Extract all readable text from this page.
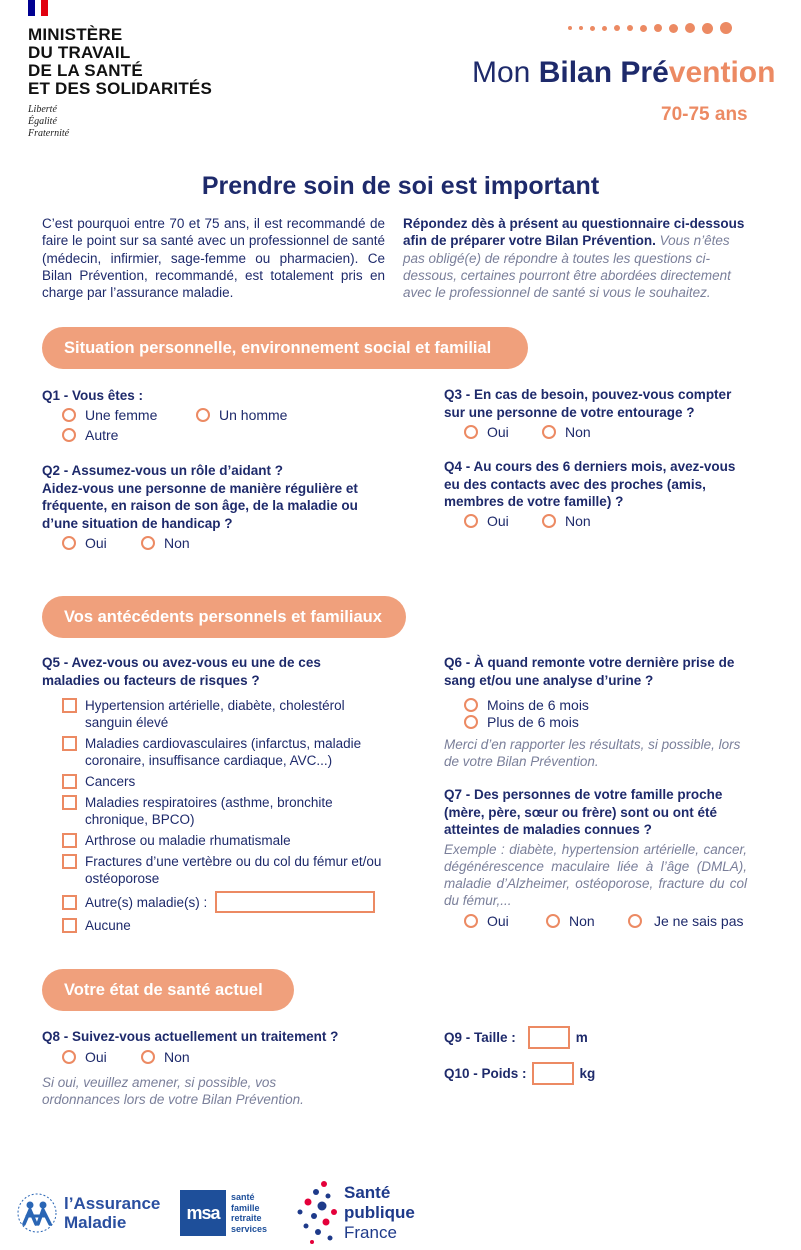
MINISTÈRE
DU TRAVAIL
DE LA SANTÉ
ET DES SOLIDARITÉS
Liberté
Égalité
Fraternité
Mon Bilan Prévention
70-75 ans
Prendre soin de soi est important
C’est pourquoi entre 70 et 75 ans, il est recommandé de faire le point sur sa santé avec un professionnel de santé (médecin, infirmier, sage-femme ou pharmacien). Ce Bilan Prévention, recommandé, est totalement pris en charge par l’assurance maladie.
Répondez dès à présent au questionnaire ci-dessous afin de préparer votre Bilan Prévention. Vous n’êtes pas obligé(e) de répondre à toutes les questions ci-dessous, certaines pourront être abordées directement avec le professionnel de santé si vous le souhaitez.
Situation personnelle, environnement social et familial
Q1 - Vous êtes :
Une femme	Un homme
Autre
Q2 - Assumez-vous un rôle d’aidant ?
Aidez-vous une personne de manière régulière et fréquente, en raison de son âge, de la maladie ou d’une situation de handicap ?
Oui	Non
Q3 - En cas de besoin, pouvez-vous compter sur une personne de votre entourage ?
Oui	Non
Q4 - Au cours des 6 derniers mois, avez-vous eu des contacts avec des proches (amis, membres de votre famille) ?
Oui	Non
Vos antécédents personnels et familiaux
Q5 - Avez-vous ou avez-vous eu une de ces maladies ou facteurs de risques ?
Hypertension artérielle, diabète, cholestérol sanguin élevé
Maladies cardiovasculaires (infarctus, maladie coronaire, insuffisance cardiaque, AVC...)
Cancers
Maladies respiratoires (asthme, bronchite chronique, BPCO)
Arthrose ou maladie rhumatismale
Fractures d’une vertèbre ou du col du fémur et/ou ostéoporose
Autre(s) maladie(s) :
Aucune
Q6 - À quand remonte votre dernière prise de sang et/ou une analyse d’urine ?
Moins de 6 mois
Plus de 6 mois
Merci d’en rapporter les résultats, si possible, lors de votre Bilan Prévention.
Q7 - Des personnes de votre famille proche (mère, père, sœur ou frère) sont ou ont été atteintes de maladies connues ?
Exemple : diabète, hypertension artérielle, cancer, dégénérescence maculaire liée à l’âge (DMLA), maladie d’Alzheimer, ostéoporose, fracture du col du fémur,...
Oui	Non	Je ne sais pas
Votre état de santé actuel
Q8 - Suivez-vous actuellement un traitement ?
Oui	Non
Si oui, veuillez amener, si possible, vos ordonnances lors de votre Bilan Prévention.
Q9 - Taille :	m
Q10 - Poids :	kg
l’Assurance
Maladie	msa
santé
famille
retraite
services
Santé
publique
France
